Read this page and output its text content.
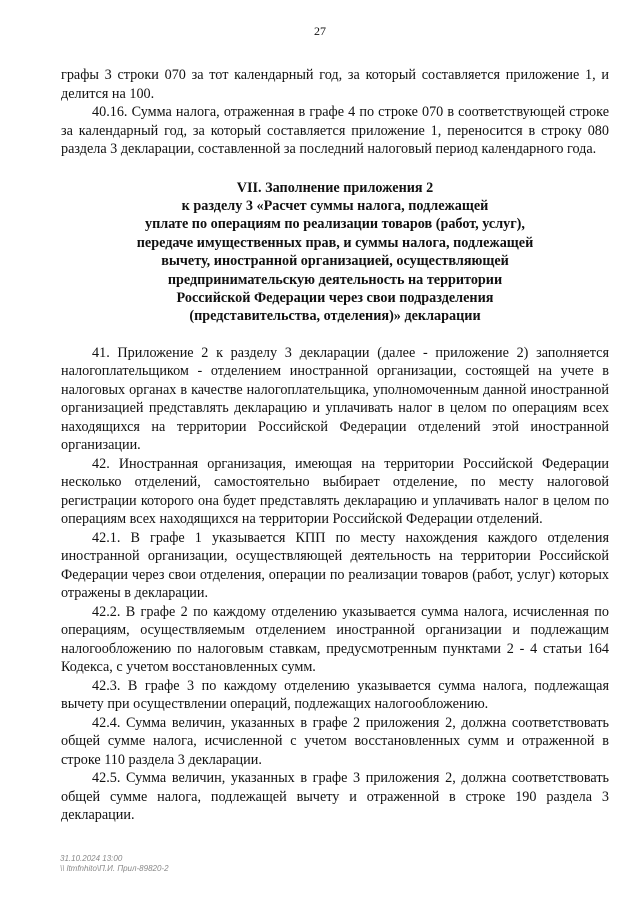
27

графы 3 строки 070 за тот календарный год, за который составляется приложение 1, и делится на 100.

40.16. Сумма налога, отраженная в графе 4 по строке 070 в соответствующей строке за календарный год, за который составляется приложение 1, переносится в строку 080 раздела 3 декларации, составленной за последний налоговый период календарного года.

VII. Заполнение приложения 2
к разделу 3 «Расчет суммы налога, подлежащей
уплате по операциям по реализации товаров (работ, услуг),
передаче имущественных прав, и суммы налога, подлежащей
вычету, иностранной организацией, осуществляющей
предпринимательскую деятельность на территории
Российской Федерации через свои подразделения
(представительства, отделения)» декларации

41. Приложение 2 к разделу 3 декларации (далее - приложение 2) заполняется налогоплательщиком - отделением иностранной организации, состоящей на учете в налоговых органах в качестве налогоплательщика, уполномоченным данной иностранной организацией представлять декларацию и уплачивать налог в целом по операциям всех находящихся на территории Российской Федерации отделений этой иностранной организации.

42. Иностранная организация, имеющая на территории Российской Федерации несколько отделений, самостоятельно выбирает отделение, по месту налоговой регистрации которого она будет представлять декларацию и уплачивать налог в целом по операциям всех находящихся на территории Российской Федерации отделений.

42.1. В графе 1 указывается КПП по месту нахождения каждого отделения иностранной организации, осуществляющей деятельность на территории Российской Федерации через свои отделения, операции по реализации товаров (работ, услуг) которых отражены в декларации.

42.2. В графе 2 по каждому отделению указывается сумма налога, исчисленная по операциям, осуществляемым отделением иностранной организации и подлежащим налогообложению по налоговым ставкам, предусмотренным пунктами 2 - 4 статьи 164 Кодекса, с учетом восстановленных сумм.

42.3. В графе 3 по каждому отделению указывается сумма налога, подлежащая вычету при осуществлении операций, подлежащих налогообложению.

42.4. Сумма величин, указанных в графе 2 приложения 2, должна соответствовать общей сумме налога, исчисленной с учетом восстановленных сумм и отраженной в строке 110 раздела 3 декларации.

42.5. Сумма величин, указанных в графе 3 приложения 2, должна соответствовать общей сумме налога, подлежащей вычету и отраженной в строке 190 раздела 3 декларации.

31.10.2024 13:00
\\ ltmfnhito\П.И. Прил-89820-2
